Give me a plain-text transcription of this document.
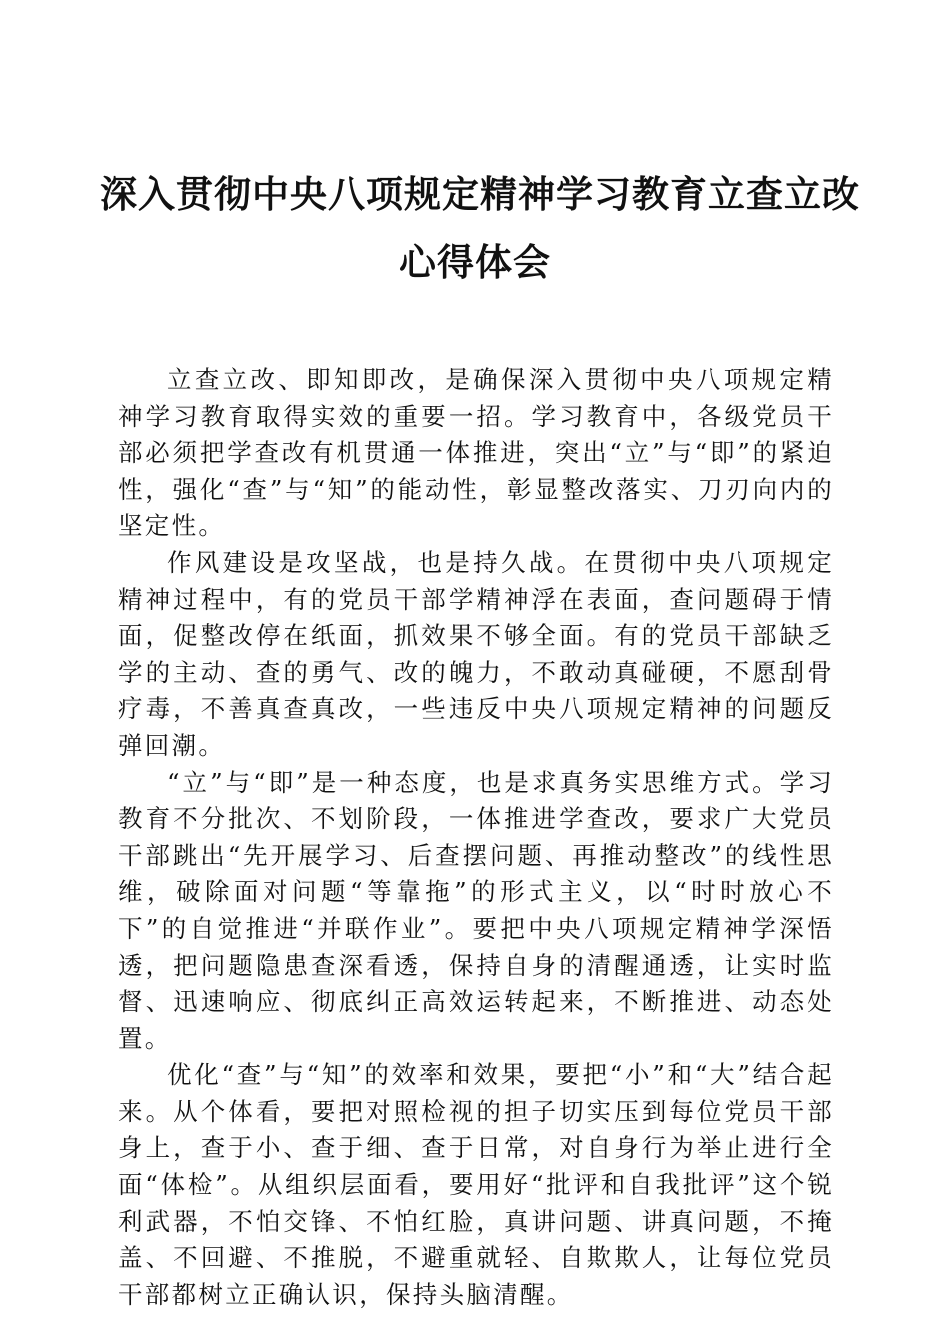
深入贯彻中央八项规定精神学习教育立查立改
心得体会

立查立改、即知即改，是确保深入贯彻中央八项规定精神学习教育取得实效的重要一招。学习教育中，各级党员干部必须把学查改有机贯通一体推进，突出“立”与“即”的紧迫性，强化“查”与“知”的能动性，彰显整改落实、刀刃向内的坚定性。

作风建设是攻坚战，也是持久战。在贯彻中央八项规定精神过程中，有的党员干部学精神浮在表面，查问题碍于情面，促整改停在纸面，抓效果不够全面。有的党员干部缺乏学的主动、查的勇气、改的魄力，不敢动真碰硬，不愿刮骨疗毒，不善真查真改，一些违反中央八项规定精神的问题反弹回潮。

“立”与“即”是一种态度，也是求真务实思维方式。学习教育不分批次、不划阶段，一体推进学查改，要求广大党员干部跳出“先开展学习、后查摆问题、再推动整改”的线性思维，破除面对问题“等靠拖”的形式主义，以“时时放心不下”的自觉推进“并联作业”。要把中央八项规定精神学深悟透，把问题隐患查深看透，保持自身的清醒通透，让实时监督、迅速响应、彻底纠正高效运转起来，不断推进、动态处置。

优化“查”与“知”的效率和效果，要把“小”和“大”结合起来。从个体看，要把对照检视的担子切实压到每位党员干部身上，查于小、查于细、查于日常，对自身行为举止进行全面“体检”。从组织层面看，要用好“批评和自我批评”这个锐利武器，不怕交锋、不怕红脸，真讲问题、讲真问题，不掩盖、不回避、不推脱，不避重就轻、自欺欺人，让每位党员干部都树立正确认识，保持头脑清醒。
